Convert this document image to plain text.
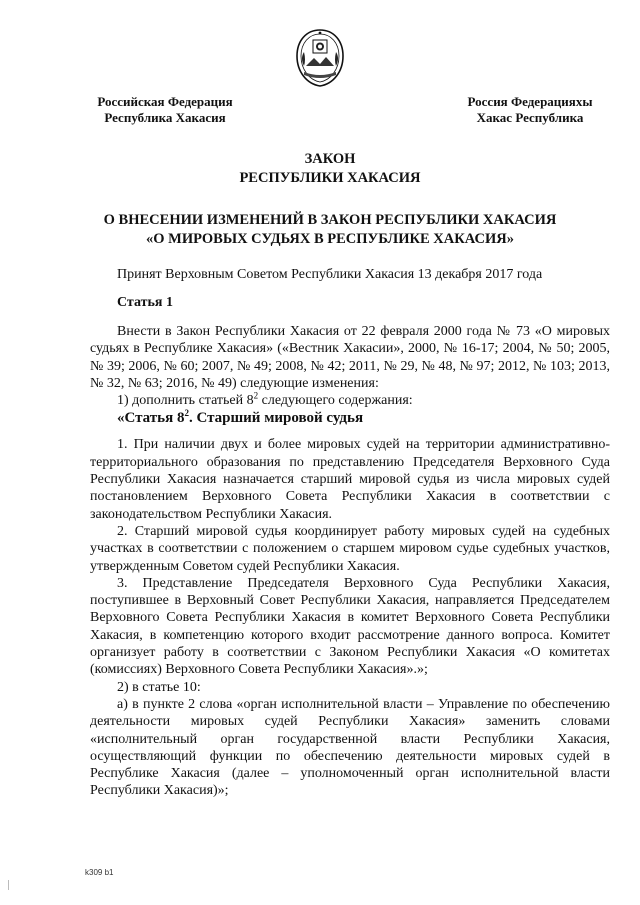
Российская Федерация
Республика Хакасия
Россия Федерацияхы
Хакас Республика
ЗАКОН
РЕСПУБЛИКИ ХАКАСИЯ
О ВНЕСЕНИИ ИЗМЕНЕНИЙ В ЗАКОН РЕСПУБЛИКИ ХАКАСИЯ
«О МИРОВЫХ СУДЬЯХ В РЕСПУБЛИКЕ ХАКАСИЯ»
Принят Верховным Советом Республики Хакасия 13 декабря 2017 года
Статья 1

Внести в Закон Республики Хакасия от 22 февраля 2000 года № 73 «О мировых судьях в Республике Хакасия» («Вестник Хакасии», 2000, № 16-17; 2004, № 50; 2005, № 39; 2006, № 60; 2007, № 49; 2008, № 42; 2011, № 29, № 48, № 97; 2012, № 103; 2013, № 32, № 63; 2016, № 49) следующие изменения:

1) дополнить статьей $8^2$ следующего содержания:

«Статья $8^2$. Старший мировой судья

1. При наличии двух и более мировых судей на территории административно-территориального образования по представлению Председателя Верховного Суда Республики Хакасия назначается старший мировой судья из числа мировых судей постановлением Верховного Совета Республики Хакасия в соответствии с законодательством Республики Хакасия.

2. Старший мировой судья координирует работу мировых судей на судебных участках в соответствии с положением о старшем мировом судье судебных участков, утвержденным Советом судей Республики Хакасия.

3. Представление Председателя Верховного Суда Республики Хакасия, поступившее в Верховный Совет Республики Хакасия, направляется Председателем Верховного Совета Республики Хакасия в комитет Верховного Совета Республики Хакасия, в компетенцию которого входит рассмотрение данного вопроса. Комитет организует работу в соответствии с Законом Республики Хакасия «О комитетах (комиссиях) Верховного Совета Республики Хакасия».»;

2) в статье 10:

а) в пункте 2 слова «орган исполнительной власти – Управление по обеспечению деятельности мировых судей Республики Хакасия» заменить словами «исполнительный орган государственной власти Республики Хакасия, осуществляющий функции по обеспечению деятельности мировых судей в Республике Хакасия (далее – уполномоченный орган исполнительной власти Республики Хакасия)»;

k309 b1
